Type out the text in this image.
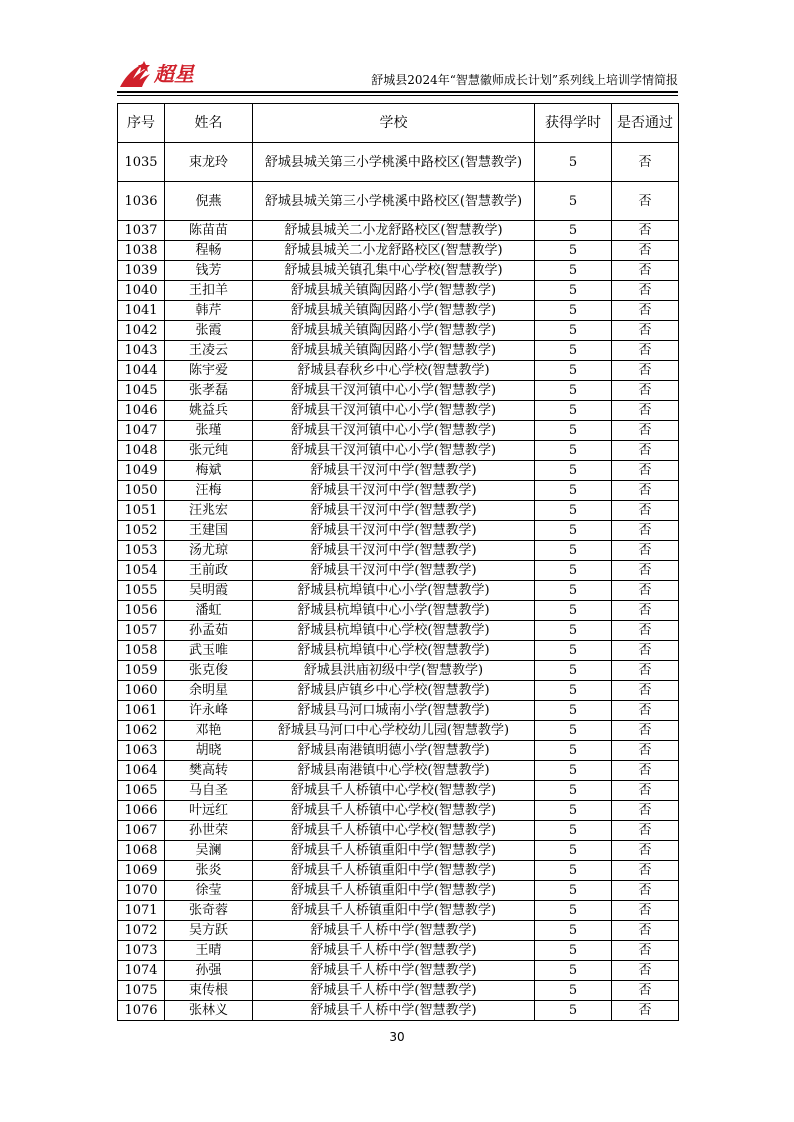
超星	舒城县2024年“智慧徽师成长计划”系列线上培训学情简报
序号	姓名	学校	获得学时	是否通过
1035	束龙玲	舒城县城关第三小学桃溪中路校区(智慧教学)	5	否
1036	倪燕	舒城县城关第三小学桃溪中路校区(智慧教学)	5	否
1037	陈苗苗	舒城县城关二小龙舒路校区(智慧教学)	5	否
1038	程畅	舒城县城关二小龙舒路校区(智慧教学)	5	否
1039	钱芳	舒城县城关镇孔集中心学校(智慧教学)	5	否
1040	王扣羊	舒城县城关镇陶因路小学(智慧教学)	5	否
1041	韩芹	舒城县城关镇陶因路小学(智慧教学)	5	否
1042	张霞	舒城县城关镇陶因路小学(智慧教学)	5	否
1043	王凌云	舒城县城关镇陶因路小学(智慧教学)	5	否
1044	陈宇爱	舒城县春秋乡中心学校(智慧教学)	5	否
1045	张孝磊	舒城县干汊河镇中心小学(智慧教学)	5	否
1046	姚益兵	舒城县干汊河镇中心小学(智慧教学)	5	否
1047	张瑾	舒城县干汊河镇中心小学(智慧教学)	5	否
1048	张元纯	舒城县干汊河镇中心小学(智慧教学)	5	否
1049	梅斌	舒城县干汊河中学(智慧教学)	5	否
1050	汪梅	舒城县干汊河中学(智慧教学)	5	否
1051	汪兆宏	舒城县干汊河中学(智慧教学)	5	否
1052	王建国	舒城县干汊河中学(智慧教学)	5	否
1053	汤尤琼	舒城县干汊河中学(智慧教学)	5	否
1054	王前政	舒城县干汊河中学(智慧教学)	5	否
1055	吴明霞	舒城县杭埠镇中心小学(智慧教学)	5	否
1056	潘虹	舒城县杭埠镇中心小学(智慧教学)	5	否
1057	孙孟茹	舒城县杭埠镇中心学校(智慧教学)	5	否
1058	武玉唯	舒城县杭埠镇中心学校(智慧教学)	5	否
1059	张克俊	舒城县洪庙初级中学(智慧教学)	5	否
1060	余明星	舒城县庐镇乡中心学校(智慧教学)	5	否
1061	许永峰	舒城县马河口城南小学(智慧教学)	5	否
1062	邓艳	舒城县马河口中心学校幼儿园(智慧教学)	5	否
1063	胡晓	舒城县南港镇明德小学(智慧教学)	5	否
1064	樊高转	舒城县南港镇中心学校(智慧教学)	5	否
1065	马自圣	舒城县千人桥镇中心学校(智慧教学)	5	否
1066	叶远红	舒城县千人桥镇中心学校(智慧教学)	5	否
1067	孙世荣	舒城县千人桥镇中心学校(智慧教学)	5	否
1068	吴澜	舒城县千人桥镇重阳中学(智慧教学)	5	否
1069	张炎	舒城县千人桥镇重阳中学(智慧教学)	5	否
1070	徐莹	舒城县千人桥镇重阳中学(智慧教学)	5	否
1071	张奇蓉	舒城县千人桥镇重阳中学(智慧教学)	5	否
1072	吴方跃	舒城县千人桥中学(智慧教学)	5	否
1073	王晴	舒城县千人桥中学(智慧教学)	5	否
1074	孙强	舒城县千人桥中学(智慧教学)	5	否
1075	束传根	舒城县千人桥中学(智慧教学)	5	否
1076	张林义	舒城县千人桥中学(智慧教学)	5	否
30
